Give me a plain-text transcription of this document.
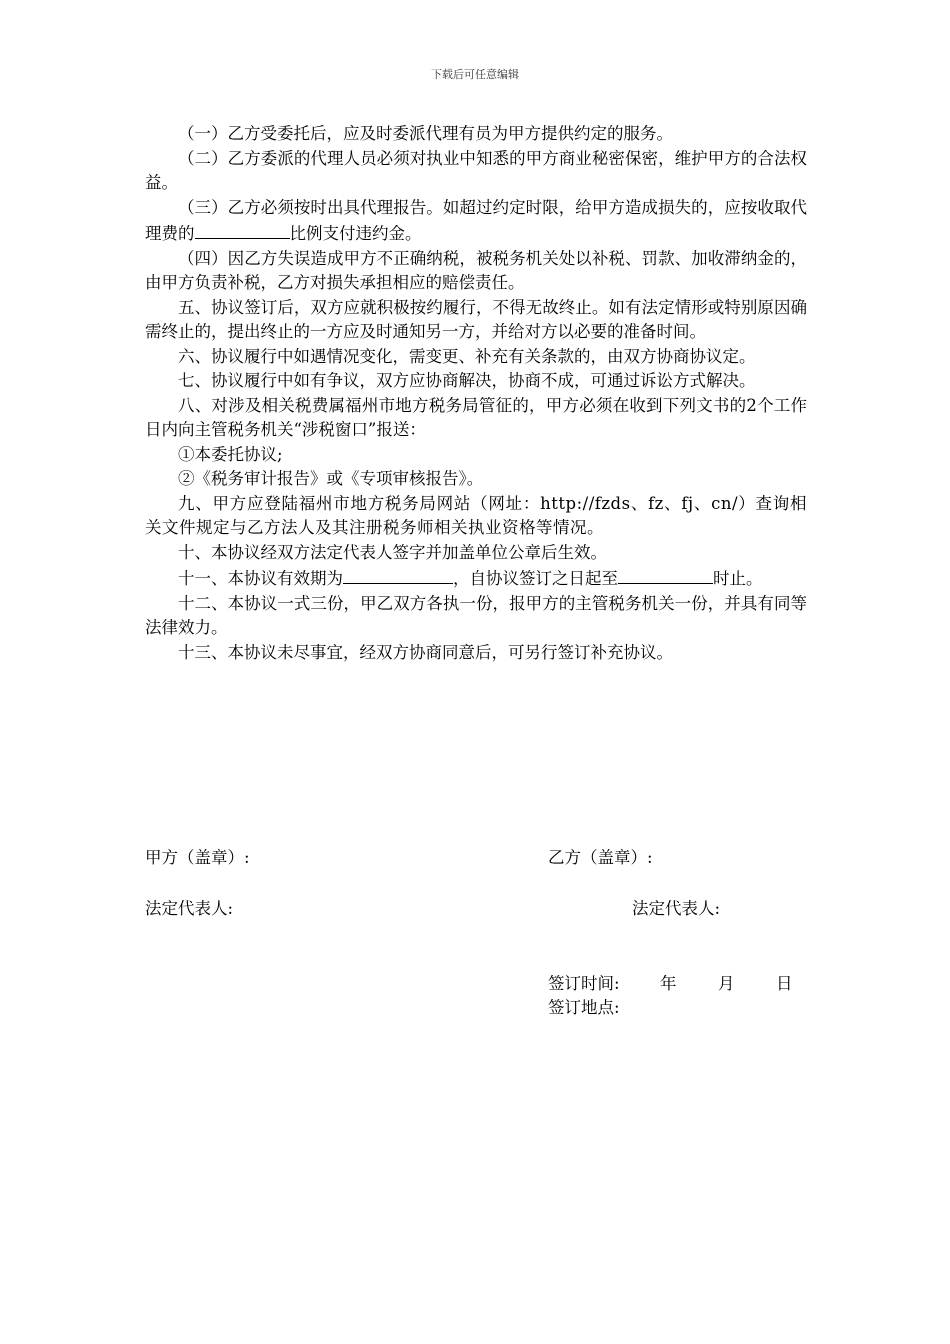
下载后可任意编辑

（一）乙方受委托后，应及时委派代理有员为甲方提供约定的服务。

（二）乙方委派的代理人员必须对执业中知悉的甲方商业秘密保密，维护甲方的合法权益。

（三）乙方必须按时出具代理报告。如超过约定时限，给甲方造成损失的，应按收取代理费的	比例支付违约金。

（四）因乙方失误造成甲方不正确纳税，被税务机关处以补税、罚款、加收滞纳金的，由甲方负责补税，乙方对损失承担相应的赔偿责任。

五、协议签订后，双方应就积极按约履行，不得无故终止。如有法定情形或特别原因确需终止的，提出终止的一方应及时通知另一方，并给对方以必要的准备时间。

六、协议履行中如遇情况变化，需变更、补充有关条款的，由双方协商协议定。

七、协议履行中如有争议，双方应协商解决，协商不成，可通过诉讼方式解决。

八、对涉及相关税费属福州市地方税务局管征的，甲方必须在收到下列文书的2个工作日内向主管税务机关“涉税窗口”报送：

①本委托协议;

②《税务审计报告》或《专项审核报告》。

九、甲方应登陆福州市地方税务局网站（网址：http://fzds、fz、fj、cn/）查询相关文件规定与乙方法人及其注册税务师相关执业资格等情况。

十、本协议经双方法定代表人签字并加盖单位公章后生效。

十一、本协议有效期为	，自协议签订之日起至	时止。

十二、本协议一式三份，甲乙双方各执一份，报甲方的主管税务机关一份，并具有同等法律效力。

十三、本协议未尽事宜，经双方协商同意后，可另行签订补充协议。

甲方（盖章）:	乙方（盖章）:
法定代表人:	法定代表人:
签订时间: 年	月	日
签订地点:
